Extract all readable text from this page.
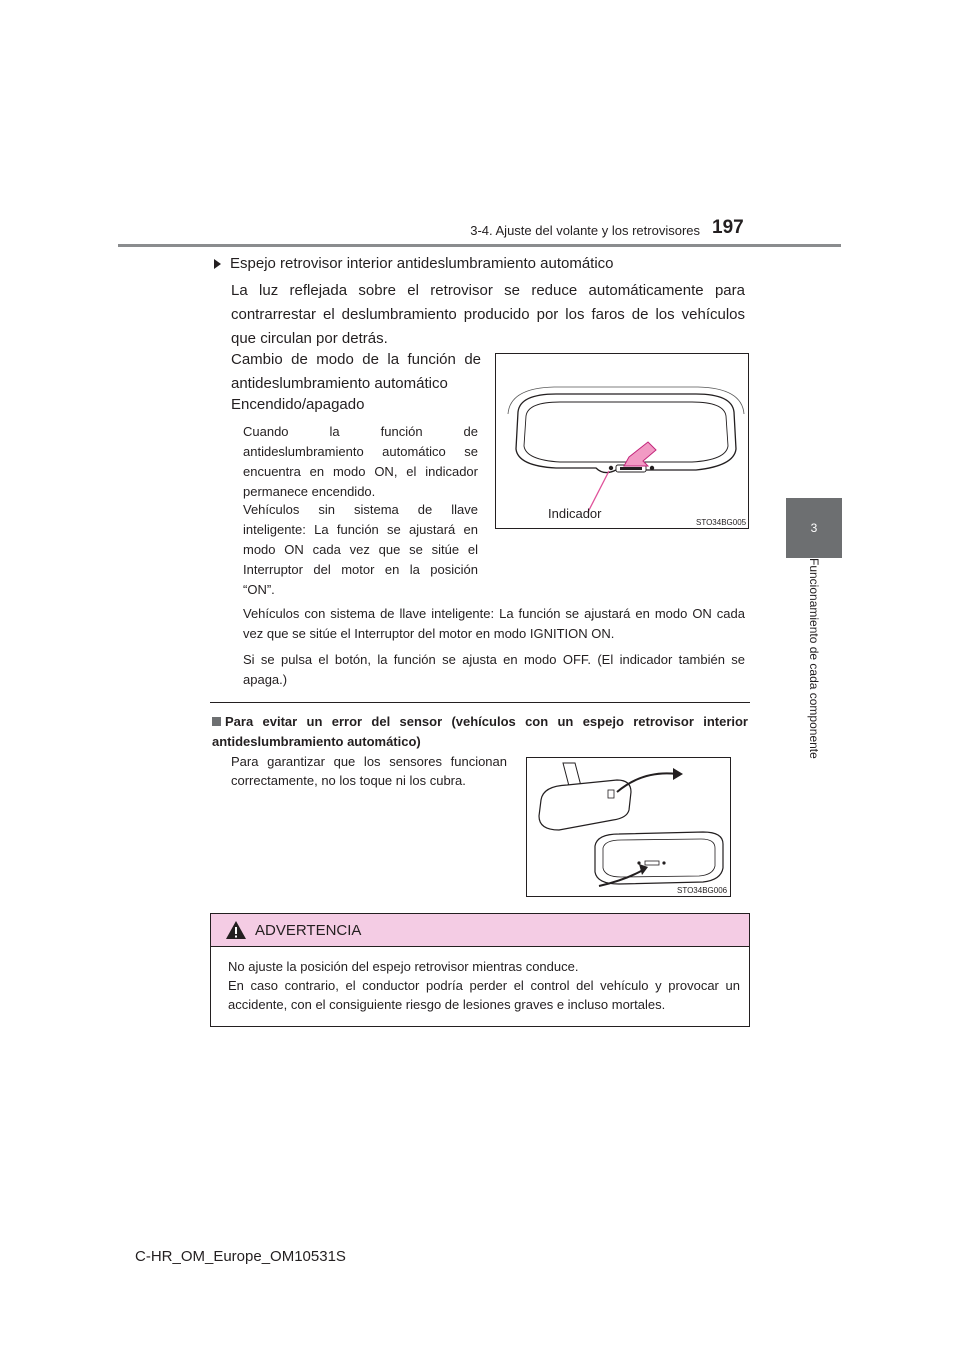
3-4. Ajuste del volante y los retrovisores 197
3
Funcionamiento de cada componente
Espejo retrovisor interior antideslumbramiento automático
La luz reflejada sobre el retrovisor se reduce automáticamente para contrarrestar el deslumbramiento producido por los faros de los vehículos que circulan por detrás.
Cambio de modo de la función de antideslumbramiento automático
Encendido/apagado
Cuando la función de antideslumbramiento automático se encuentra en modo ON, el indicador permanece encendido.
Vehículos sin sistema de llave inteligente: La función se ajustará en modo ON cada vez que se sitúe el Interruptor del motor en la posición “ON”.
Vehículos con sistema de llave inteligente: La función se ajustará en modo ON cada vez que se sitúe el Interruptor del motor en modo IGNITION ON.
Si se pulsa el botón, la función se ajusta en modo OFF. (El indicador también se apaga.)
Indicador
STO34BG005
Para evitar un error del sensor (vehículos con un espejo retrovisor interior antideslumbramiento automático)
Para garantizar que los sensores funcionan correctamente, no los toque ni los cubra.
STO34BG006
ADVERTENCIA
No ajuste la posición del espejo retrovisor mientras conduce.
En caso contrario, el conductor podría perder el control del vehículo y provocar un accidente, con el consiguiente riesgo de lesiones graves e incluso mortales.
C-HR_OM_Europe_OM10531S
